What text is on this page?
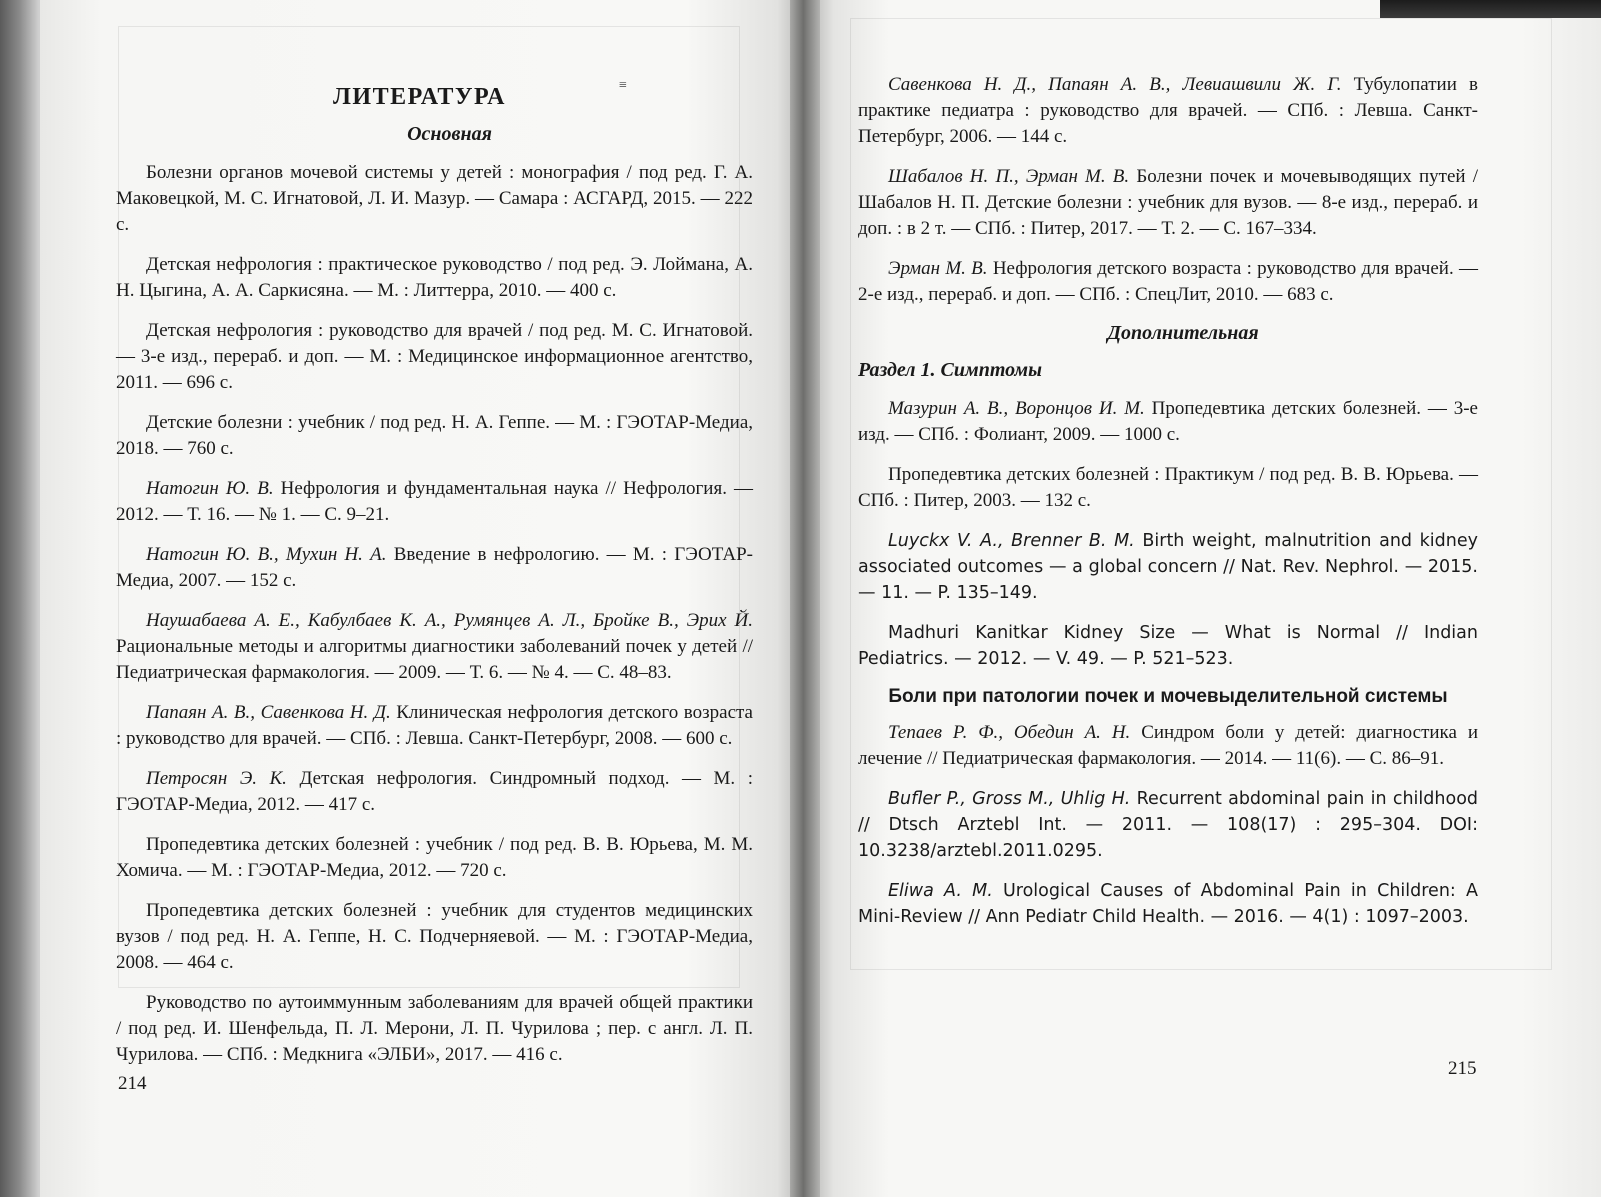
≡
ЛИТЕРАТУРА
Основная

Болезни органов мочевой системы у детей : монография / под ред. Г. А. Маковецкой, М. С. Игнатовой, Л. И. Мазур. — Самара : АСГАРД, 2015. — 222 с.

Детская нефрология : практическое руководство / под ред. Э. Лоймана, А. Н. Цыгина, А. А. Саркисяна. — М. : Литтерра, 2010. — 400 с.

Детская нефрология : руководство для врачей / под ред. М. С. Игнатовой. — 3-е изд., перераб. и доп. — М. : Медицинское информационное агентство, 2011. — 696 с.

Детские болезни : учебник / под ред. Н. А. Геппе. — М. : ГЭОТАР-Медиа, 2018. — 760 с.

Натогин Ю. В. Нефрология и фундаментальная наука // Нефрология. — 2012. — Т. 16. — № 1. — С. 9–21.

Натогин Ю. В., Мухин Н. А. Введение в нефрологию. — М. : ГЭОТАР-Медиа, 2007. — 152 с.

Наушабаева А. Е., Кабулбаев К. А., Румянцев А. Л., Бройке В., Эрих Й. Рациональные методы и алгоритмы диагностики заболеваний почек у детей // Педиатрическая фармакология. — 2009. — Т. 6. — № 4. — С. 48–83.

Папаян А. В., Савенкова Н. Д. Клиническая нефрология детского возраста : руководство для врачей. — СПб. : Левша. Санкт-Петербург, 2008. — 600 с.

Петросян Э. К. Детская нефрология. Синдромный подход. — М. : ГЭОТАР-Медиа, 2012. — 417 с.

Пропедевтика детских болезней : учебник / под ред. В. В. Юрьева, М. М. Хомича. — М. : ГЭОТАР-Медиа, 2012. — 720 с.

Пропедевтика детских болезней : учебник для студентов медицинских вузов / под ред. Н. А. Геппе, Н. С. Подчерняевой. — М. : ГЭОТАР-Медиа, 2008. — 464 с.

Руководство по аутоиммунным заболеваниям для врачей общей практики / под ред. И. Шенфельда, П. Л. Мерони, Л. П. Чурилова ; пер. с англ. Л. П. Чурилова. — СПб. : Медкнига «ЭЛБИ», 2017. — 416 с.

214

Савенкова Н. Д., Папаян А. В., Левиашвили Ж. Г. Тубулопатии в практике педиатра : руководство для врачей. — СПб. : Левша. Санкт-Петербург, 2006. — 144 с.

Шабалов Н. П., Эрман М. В. Болезни почек и мочевыводящих путей / Шабалов Н. П. Детские болезни : учебник для вузов. — 8-е изд., перераб. и доп. : в 2 т. — СПб. : Питер, 2017. — Т. 2. — С. 167–334.

Эрман М. В. Нефрология детского возраста : руководство для врачей. — 2-е изд., перераб. и доп. — СПб. : СпецЛит, 2010. — 683 с.

Дополнительная
Раздел 1. Симптомы

Мазурин А. В., Воронцов И. М. Пропедевтика детских болезней. — 3-е изд. — СПб. : Фолиант, 2009. — 1000 с.

Пропедевтика детских болезней : Практикум / под ред. В. В. Юрьева. — СПб. : Питер, 2003. — 132 с.

Luyckx V. A., Brenner B. M. Birth weight, malnutrition and kidney associated outcomes — a global concern // Nat. Rev. Nephrol. — 2015. — 11. — P. 135–149.

Madhuri Kanitkar Kidney Size — What is Normal // Indian Pediatrics. — 2012. — V. 49. — P. 521–523.

Боли при патологии почек и мочевыделительной системы

Тепаев Р. Ф., Обедин А. Н. Синдром боли у детей: диагностика и лечение // Педиатрическая фармакология. — 2014. — 11(6). — С. 86–91.

Bufler P., Gross M., Uhlig H. Recurrent abdominal pain in childhood // Dtsch Arztebl Int. — 2011. — 108(17) : 295–304. DOI: 10.3238/arztebl.2011.0295.

Eliwa A. M. Urological Causes of Abdominal Pain in Children: A Mini-Review // Ann Pediatr Child Health. — 2016. — 4(1) : 1097–2003.

215
